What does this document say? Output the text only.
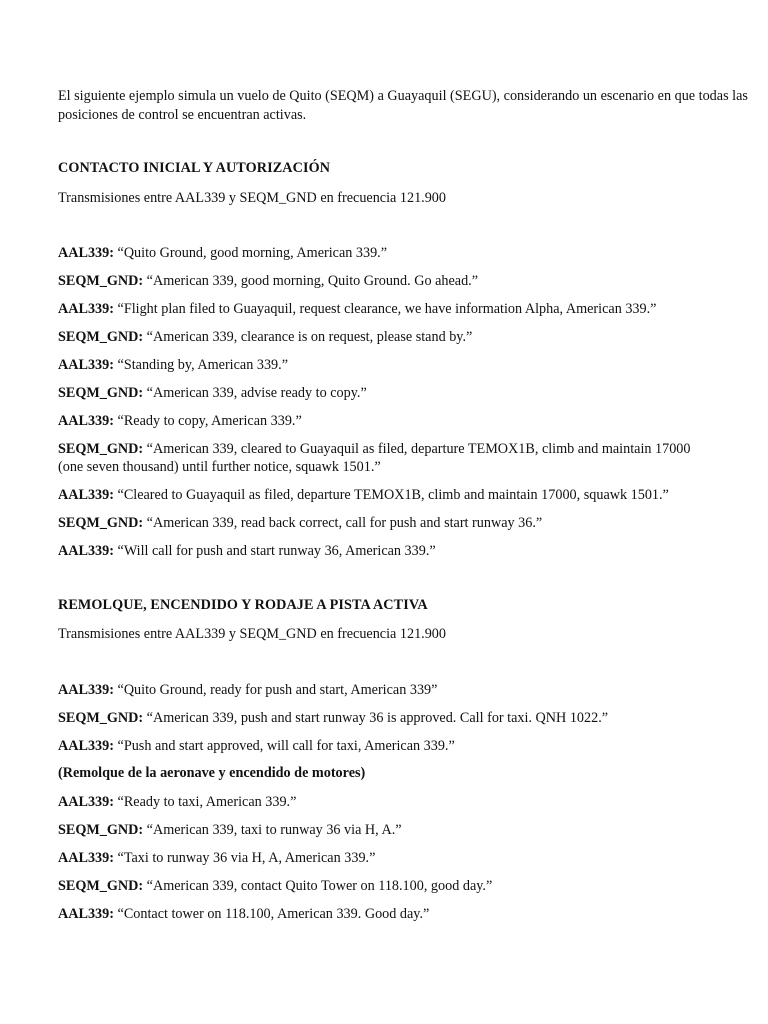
El siguiente ejemplo simula un vuelo de Quito (SEQM) a Guayaquil (SEGU), considerando un escenario en que todas las posiciones de control se encuentran activas.
CONTACTO INICIAL Y AUTORIZACIÓN
Transmisiones entre AAL339 y SEQM_GND en frecuencia 121.900
AAL339: “Quito Ground, good morning, American 339.”
SEQM_GND: “American 339, good morning, Quito Ground. Go ahead.”
AAL339: “Flight plan filed to Guayaquil, request clearance, we have information Alpha, American 339.”
SEQM_GND: “American 339, clearance is on request, please stand by.”
AAL339: “Standing by, American 339.”
SEQM_GND: “American 339, advise ready to copy.”
AAL339: “Ready to copy, American 339.”
SEQM_GND: “American 339, cleared to Guayaquil as filed, departure TEMOX1B, climb and maintain 17000 (one seven thousand) until further notice, squawk 1501.”
AAL339: “Cleared to Guayaquil as filed, departure TEMOX1B, climb and maintain 17000, squawk 1501.”
SEQM_GND: “American 339, read back correct, call for push and start runway 36.”
AAL339: “Will call for push and start runway 36, American 339.”
REMOLQUE, ENCENDIDO Y RODAJE A PISTA ACTIVA
Transmisiones entre AAL339 y SEQM_GND en frecuencia 121.900
AAL339: “Quito Ground, ready for push and start, American 339”
SEQM_GND: “American 339, push and start runway 36 is approved. Call for taxi. QNH 1022.”
AAL339: “Push and start approved, will call for taxi, American 339.”
(Remolque de la aeronave y encendido de motores)
AAL339: “Ready to taxi, American 339.”
SEQM_GND: “American 339, taxi to runway 36 via H, A.”
AAL339: “Taxi to runway 36 via H, A, American 339.”
SEQM_GND: “American 339, contact Quito Tower on 118.100, good day.”
AAL339: “Contact tower on 118.100, American 339. Good day.”
